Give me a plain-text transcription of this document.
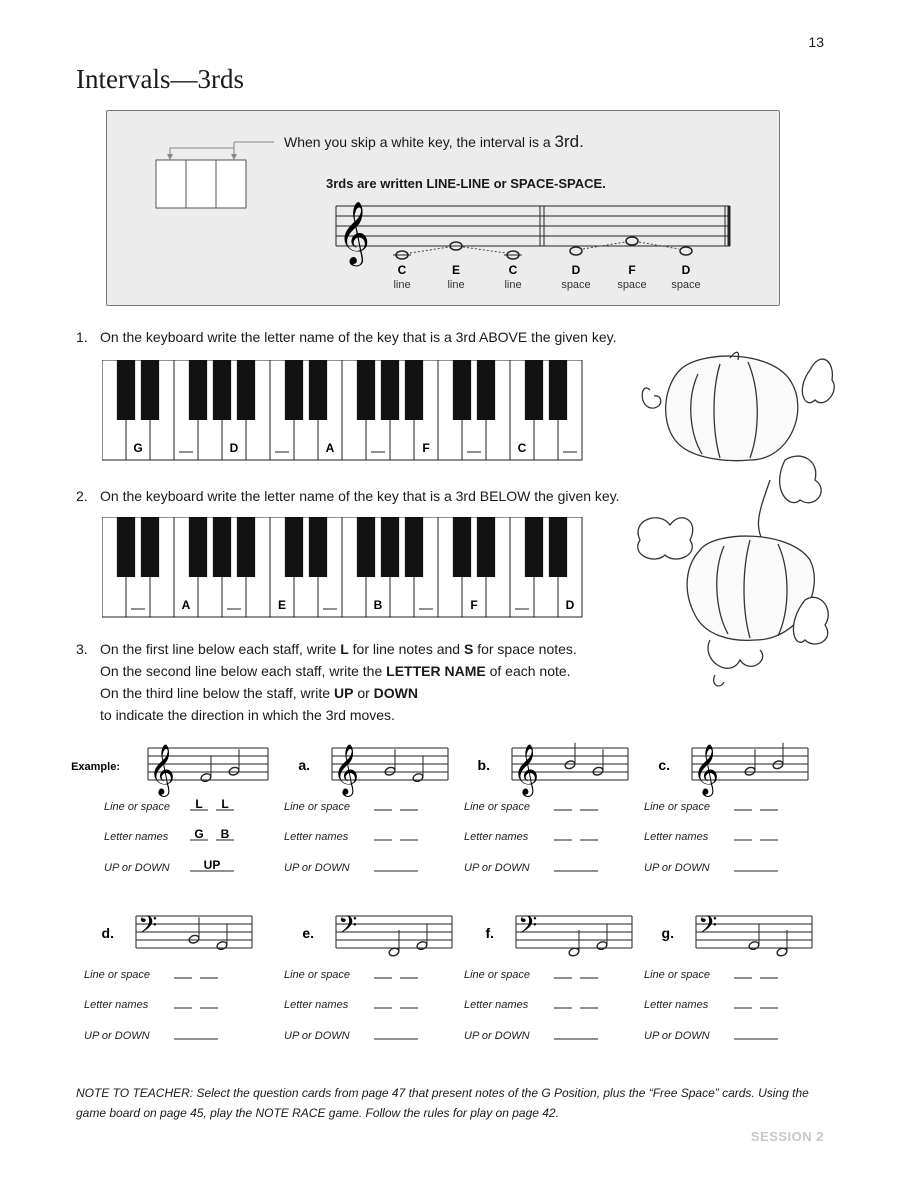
13
Intervals—3rds
When you skip a white key, the interval is a 3rd.
3rds are written LINE-LINE or SPACE-SPACE.
𝄞
C	E	C	D	F	D
line	line	line	space space space
1. On the keyboard write the letter name of the key that is a 3rd ABOVE the given key.
G	D	A	F	C
2. On the keyboard write the letter name of the key that is a 3rd BELOW the given key.
A	E	B	F	D
3. On the first line below each staff, write L for line notes and S for space notes.
On the second line below each staff, write the LETTER NAME of each note.
On the third line below the staff, write UP or DOWN
to indicate the direction in which the 3rd moves.
Example: 𝄞
Line or space L L
Letter names G B
UP or DOWN	UP
a. 𝄞
Line or space
Letter names
UP or DOWN
b. 𝄞
Line or space
Letter names
UP or DOWN
c. 𝄞
Line or space
Letter names
UP or DOWN
d. 𝄢
Line or space
Letter names
UP or DOWN
e. 𝄢
Line or space
Letter names
UP or DOWN
f. 𝄢
Line or space
Letter names
UP or DOWN
g. 𝄢
Line or space
Letter names
UP or DOWN
NOTE TO TEACHER: Select the question cards from page 47 that present notes of the G Position, plus the “Free Space” cards. Using the game board on page 45, play the NOTE RACE game. Follow the rules for play on page 42.
SESSION 2
